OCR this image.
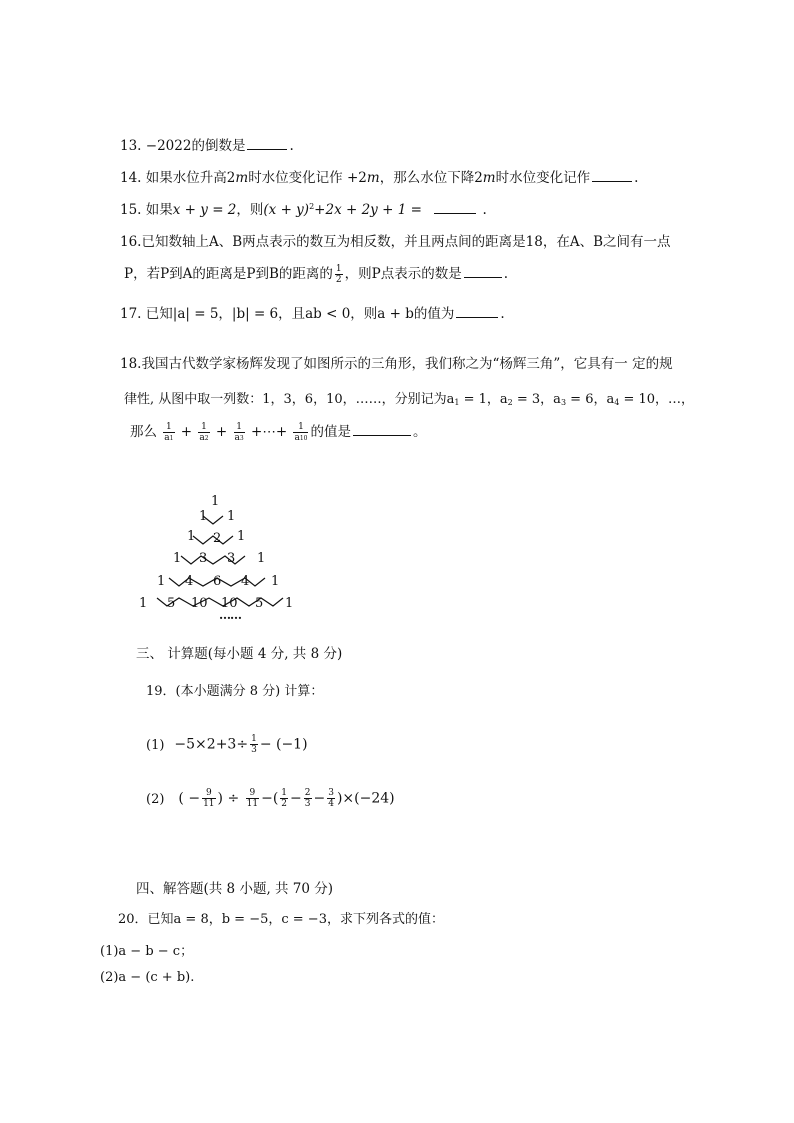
13. −2022的倒数是	.
14. 如果水位升高2m时水位变化记作 +2m，那么水位下降2m时水位变化记作	.
15. 如果x + y = 2，则$(x + y)^2+2x + 2y + 1$ =	.
16.已知数轴上A、B两点表示的数互为相反数，并且两点间的距离是18，在A、B之间有一点
P，若P到A的距离是P到B的距离的 $\frac{1}{2}$ ，则P点表示的数是	.
17. 已知|a| = 5，|b| = 6，且ab < 0，则a + b的值为	.
18.我国古代数学家杨辉发现了如图所示的三角形，我们称之为“杨辉三角”，它具有一 定的规
律性, 从图中取一列数：1，3，6，10，……，分别记为$a_1 = 1$，$a_2 = 3$，$a_3 = 6$，$a_4 = 10$，…，
那么 $\frac{1}{a1} + \frac{1}{a2} + \frac{1}{a3}$ +⋯+ $\frac{1}{a10}$ 的值是	。
1
1 1
1 2 1
1 3 3 1
1 4 6 4 1
1 5 10 10 5 1
……
三、 计算题(每小题 4 分, 共 8 分)
19．(本小题满分 8 分) 计算：
$(1) -5\times 2+3\div \frac{1}{3} - (-1)$
(2) ( − $\frac{9}{11}$ ) ÷ $\frac{9}{11}$ −( $\frac{1}{2} - \frac{2}{3} - \frac{3}{4} )\times(-24)$
四、解答题(共 8 小题, 共 70 分)
20．已知a = 8，b = −5，c = −3，求下列各式的值：
(1)a − b − c；
(2)a − (c + b).
